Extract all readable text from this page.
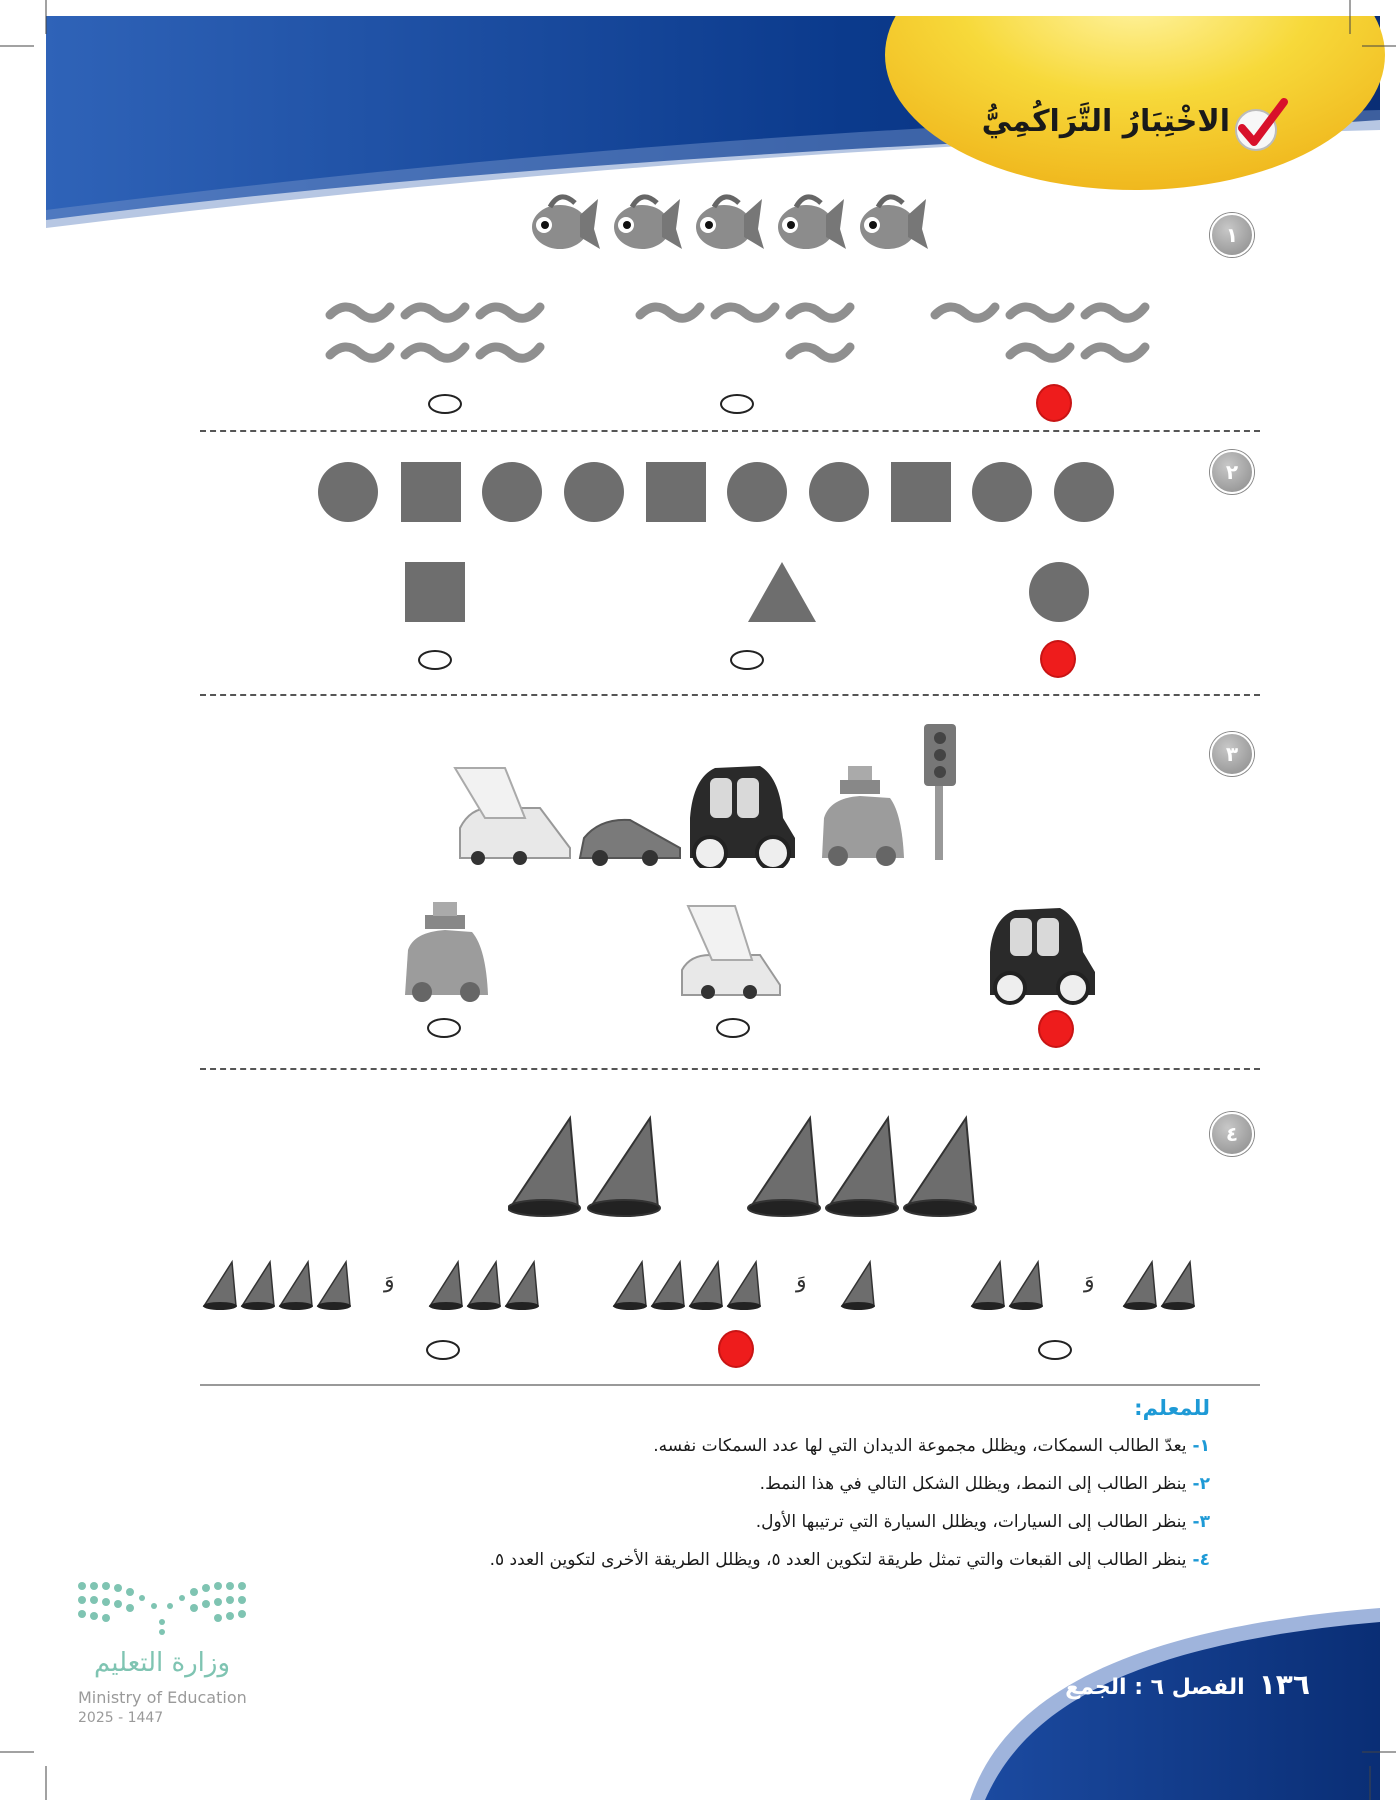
الاخْتِبَارُ التَّرَاكُمِيُّ
١
٢
٣
٤
وَ	وَ	وَ
للمعلم:
١-يعدّ الطالب السمكات، ويظلل مجموعة الديدان التي لها عدد السمكات نفسه.
٢-ينظر الطالب إلى النمط، ويظلل الشكل التالي في هذا النمط.
٣-ينظر الطالب إلى السيارات، ويظلل السيارة التي ترتيبها الأول.
٤-ينظر الطالب إلى القبعات والتي تمثل طريقة لتكوين العدد ٥، ويظلل الطريقة الأخرى لتكوين العدد ٥.
١٣٦الفصل ٦ : الجمع
وزارة التعليم
Ministry of Education
2025 - 1447
